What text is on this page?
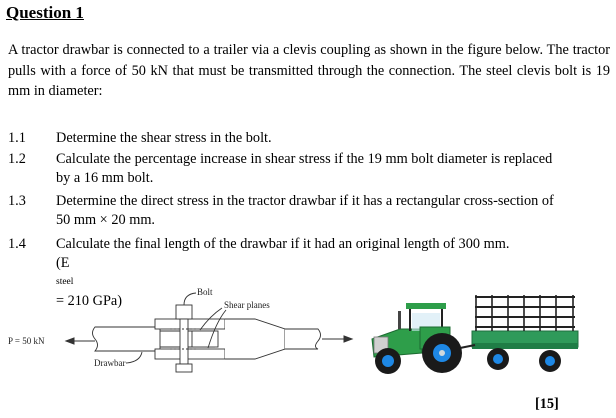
Question 1

A tractor drawbar is connected to a trailer via a clevis coupling as shown in the figure below. The tractor pulls with a force of 50 kN that must be transmitted through the connection. The steel clevis bolt is 19 mm in diameter:

1.1	Determine the shear stress in the bolt.
1.2	Calculate the percentage increase in shear stress if the 19 mm bolt diameter is replaced
by a 16 mm bolt.
1.3	Determine the direct stress in the tractor drawbar if it has a rectangular cross-section of
50 mm × 20 mm.
1.4	Calculate the final length of the drawbar if it had an original length of 300 mm.
(E
steel
= 210 GPa)
Bolt
Shear planes
P = 50 kN
Drawbar
[15]
